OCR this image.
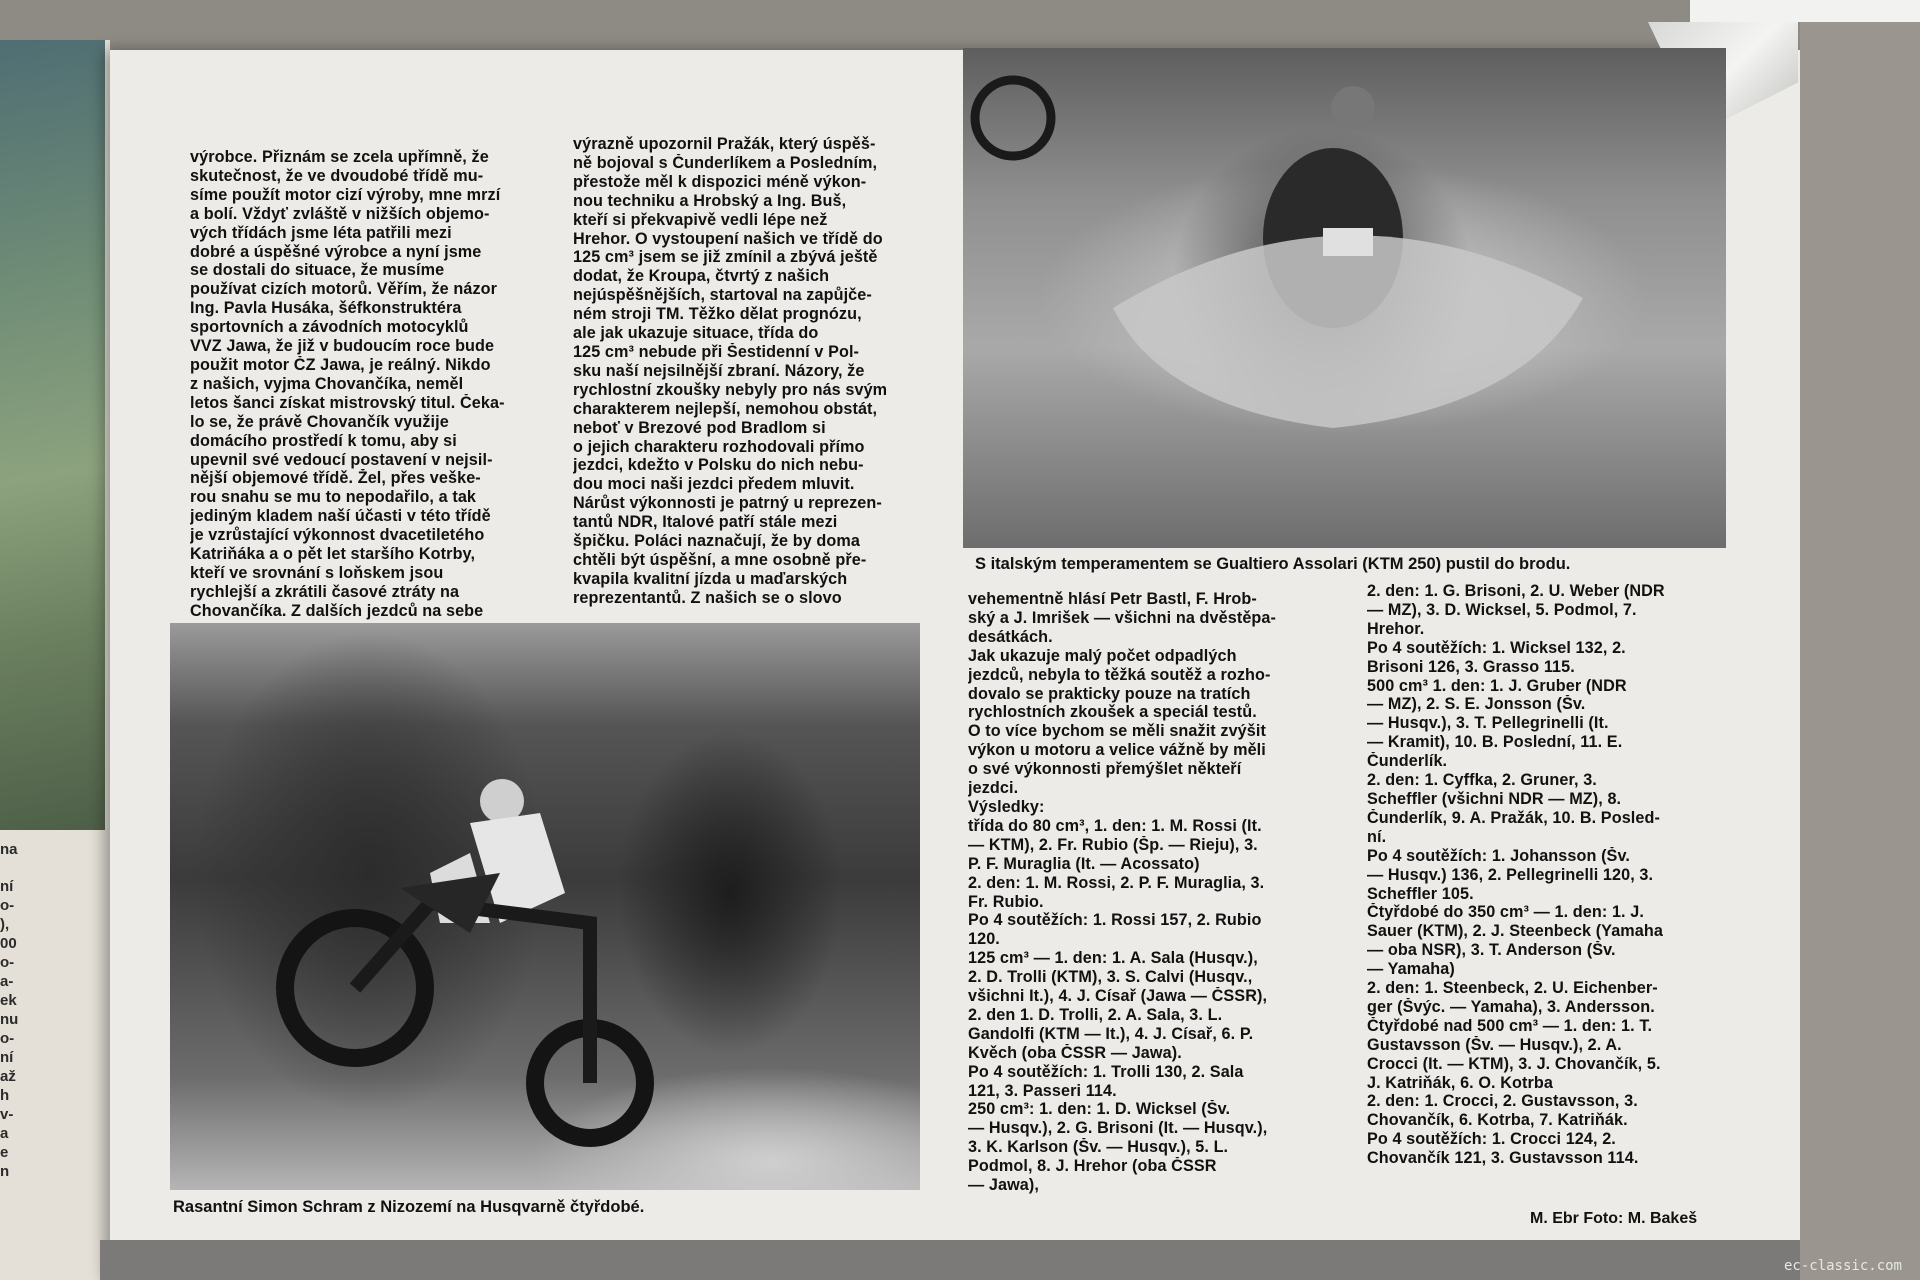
na
ní
o-
),
00
o-
a-
ek
nu
o-
ní
až
h
v-
a
e
n
výrobce. Přiznám se zcela upřímně, že
skutečnost, že ve dvoudobé třídě mu-
síme použít motor cizí výroby, mne mrzí
a bolí. Vždyť zvláště v nižších objemo-
vých třídách jsme léta patřili mezi
dobré a úspěšné výrobce a nyní jsme
se dostali do situace, že musíme
používat cizích motorů. Věřím, že názor
Ing. Pavla Husáka, šéfkonstruktéra
sportovních a závodních motocyklů
VVZ Jawa, že již v budoucím roce bude
použit motor ČZ Jawa, je reálný. Nikdo
z našich, vyjma Chovančíka, neměl
letos šanci získat mistrovský titul. Čeka-
lo se, že právě Chovančík využije
domácího prostředí k tomu, aby si
upevnil své vedoucí postavení v nejsil-
nější objemové třídě. Žel, přes veške-
rou snahu se mu to nepodařilo, a tak
jediným kladem naší účasti v této třídě
je vzrůstající výkonnost dvacetiletého
Katriňáka a o pět let staršího Kotrby,
kteří ve srovnání s loňskem jsou
rychlejší a zkrátili časové ztráty na
Chovančíka. Z dalších jezdců na sebe
výrazně upozornil Pražák, který úspěš-
ně bojoval s Čunderlíkem a Posledním,
přestože měl k dispozici méně výkon-
nou techniku a Hrobský a Ing. Buš,
kteří si překvapivě vedli lépe než
Hrehor. O vystoupení našich ve třídě do
125 cm³ jsem se již zmínil a zbývá ještě
dodat, že Kroupa, čtvrtý z našich
nejúspěšnějších, startoval na zapůjče-
ném stroji TM. Těžko dělat prognózu,
ale jak ukazuje situace, třída do
125 cm³ nebude při Šestidenní v Pol-
sku naší nejsilnější zbraní. Názory, že
rychlostní zkoušky nebyly pro nás svým
charakterem nejlepší, nemohou obstát,
neboť v Brezové pod Bradlom si
o jejich charakteru rozhodovali přímo
jezdci, kdežto v Polsku do nich nebu-
dou moci naši jezdci předem mluvit.
Nárůst výkonnosti je patrný u reprezen-
tantů NDR, Italové patří stále mezi
špičku. Poláci naznačují, že by doma
chtěli být úspěšní, a mne osobně pře-
kvapila kvalitní jízda u maďarských
reprezentantů. Z našich se o slovo
Rasantní Simon Schram z Nizozemí na Husqvarně čtyřdobé.
S italským temperamentem se Gualtiero Assolari (KTM 250) pustil do brodu.
vehementně hlásí Petr Bastl, F. Hrob-
ský a J. Imrišek — všichni na dvěstěpa-
desátkách.
Jak ukazuje malý počet odpadlých
jezdců, nebyla to těžká soutěž a rozho-
dovalo se prakticky pouze na tratích
rychlostních zkoušek a speciál testů.
O to více bychom se měli snažit zvýšit
výkon u motoru a velice vážně by měli
o své výkonnosti přemýšlet někteří
jezdci.
Výsledky:
třída do 80 cm³, 1. den: 1. M. Rossi (It.
— KTM), 2. Fr. Rubio (Šp. — Rieju), 3.
P. F. Muraglia (It. — Acossato)
2. den: 1. M. Rossi, 2. P. F. Muraglia, 3.
Fr. Rubio.
Po 4 soutěžích: 1. Rossi 157, 2. Rubio
120.
125 cm³ — 1. den: 1. A. Sala (Husqv.),
2. D. Trolli (KTM), 3. S. Calvi (Husqv.,
všichni It.), 4. J. Císař (Jawa — ČSSR),
2. den 1. D. Trolli, 2. A. Sala, 3. L.
Gandolfi (KTM — It.), 4. J. Císař, 6. P.
Kvěch (oba ČSSR — Jawa).
Po 4 soutěžích: 1. Trolli 130, 2. Sala
121, 3. Passeri 114.
250 cm³: 1. den: 1. D. Wicksel (Šv.
— Husqv.), 2. G. Brisoni (It. — Husqv.),
3. K. Karlson (Šv. — Husqv.), 5. L.
Podmol, 8. J. Hrehor (oba ČSSR
— Jawa),
2. den: 1. G. Brisoni, 2. U. Weber (NDR
— MZ), 3. D. Wicksel, 5. Podmol, 7.
Hrehor.
Po 4 soutěžích: 1. Wicksel 132, 2.
Brisoni 126, 3. Grasso 115.
500 cm³ 1. den: 1. J. Gruber (NDR
— MZ), 2. S. E. Jonsson (Šv.
— Husqv.), 3. T. Pellegrinelli (It.
— Kramit), 10. B. Poslední, 11. E.
Čunderlík.
2. den: 1. Cyffka, 2. Gruner, 3.
Scheffler (všichni NDR — MZ), 8.
Čunderlík, 9. A. Pražák, 10. B. Posled-
ní.
Po 4 soutěžích: 1. Johansson (Šv.
— Husqv.) 136, 2. Pellegrinelli 120, 3.
Scheffler 105.
Čtyřdobé do 350 cm³ — 1. den: 1. J.
Sauer (KTM), 2. J. Steenbeck (Yamaha
— oba NSR), 3. T. Anderson (Šv.
— Yamaha)
2. den: 1. Steenbeck, 2. U. Eichenber-
ger (Švýc. — Yamaha), 3. Andersson.
Čtyřdobé nad 500 cm³ — 1. den: 1. T.
Gustavsson (Šv. — Husqv.), 2. A.
Crocci (It. — KTM), 3. J. Chovančík, 5.
J. Katriňák, 6. O. Kotrba
2. den: 1. Crocci, 2. Gustavsson, 3.
Chovančík, 6. Kotrba, 7. Katriňák.
Po 4 soutěžích: 1. Crocci 124, 2.
Chovančík 121, 3. Gustavsson 114.
M. Ebr Foto: M. Bakeš
ec-classic.com
